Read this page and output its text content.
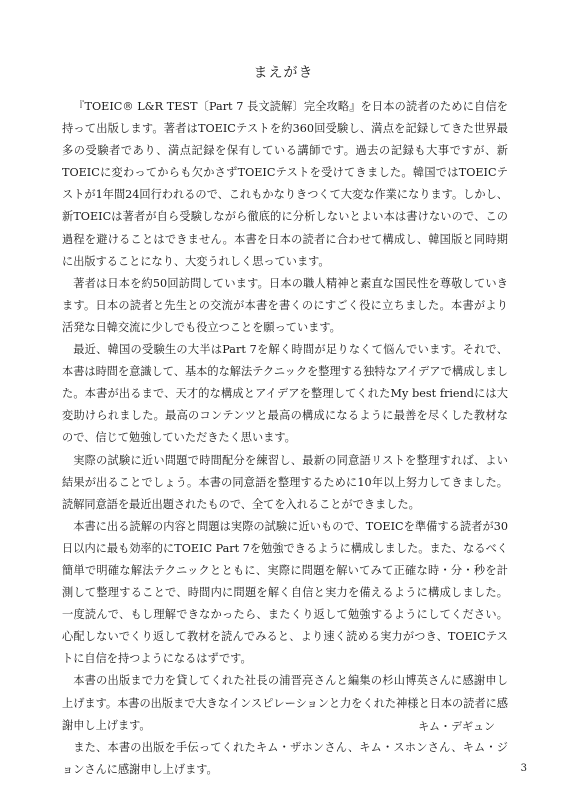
まえがき

『TOEIC® L&R TEST〔Part 7 長文読解〕完全攻略』を日本の読者のために自信を持って出版します。著者はTOEICテストを約360回受験し、満点を記録してきた世界最多の受験者であり、満点記録を保有している講師です。過去の記録も大事ですが、新TOEICに変わってからも欠かさずTOEICテストを受けてきました。韓国ではTOEICテストが1年間24回行われるので、これもかなりきつくて大変な作業になります。しかし、新TOEICは著者が自ら受験しながら徹底的に分析しないとよい本は書けないので、この過程を避けることはできません。本書を日本の読者に合わせて構成し、韓国版と同時期に出版することになり、大変うれしく思っています。

著者は日本を約50回訪問しています。日本の職人精神と素直な国民性を尊敬していきます。日本の読者と先生との交流が本書を書くのにすごく役に立ちました。本書がより活発な日韓交流に少しでも役立つことを願っています。

最近、韓国の受験生の大半はPart 7を解く時間が足りなくて悩んでいます。それで、本書は時間を意識して、基本的な解法テクニックを整理する独特なアイデアで構成しました。本書が出るまで、天才的な構成とアイデアを整理してくれたMy best friendには大変助けられました。最高のコンテンツと最高の構成になるように最善を尽くした教材なので、信じて勉強していただきたく思います。

実際の試験に近い問題で時間配分を練習し、最新の同意語リストを整理すれば、よい結果が出ることでしょう。本書の同意語を整理するために10年以上努力してきました。読解同意語を最近出題されたもので、全てを入れることができました。

本書に出る読解の内容と問題は実際の試験に近いもので、TOEICを準備する読者が30日以内に最も効率的にTOEIC Part 7を勉強できるように構成しました。また、なるべく簡単で明確な解法テクニックとともに、実際に問題を解いてみて正確な時・分・秒を計測して整理することで、時間内に問題を解く自信と実力を備えるように構成しました。一度読んで、もし理解できなかったら、またくり返して勉強するようにしてください。心配しないでくり返して教材を読んでみると、より速く読める実力がつき、TOEICテストに自信を持つようになるはずです。

本書の出版まで力を貸してくれた社長の浦晋亮さんと編集の杉山博英さんに感謝申し上げます。本書の出版まで大きなインスピレーションと力をくれた神様と日本の読者に感謝申し上げます。

また、本書の出版を手伝ってくれたキム・ザホンさん、キム・スホンさん、キム・ジョンさんに感謝申し上げます。

キム・デギュン
3
